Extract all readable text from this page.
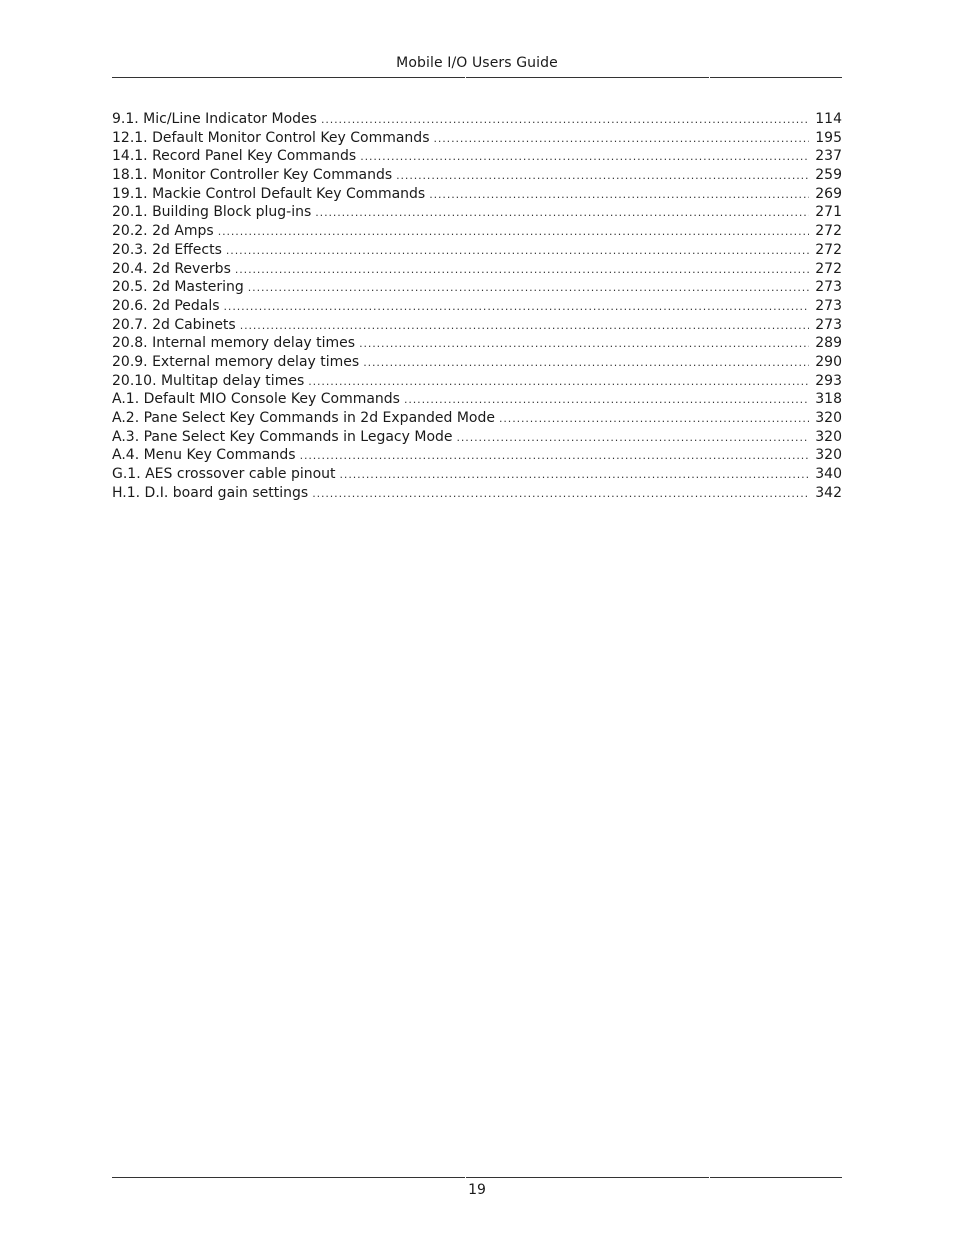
Mobile I/O Users Guide
9.1. Mic/Line Indicator Modes .....	114
12.1. Default Monitor Control Key Commands .....	195
14.1. Record Panel Key Commands .....	237
18.1. Monitor Controller Key Commands .....	259
19.1. Mackie Control Default Key Commands .....	269
20.1. Building Block plug-ins .....	271
20.2. 2d Amps .....	272
20.3. 2d Effects .....	272
20.4. 2d Reverbs .....	272
20.5. 2d Mastering .....	273
20.6. 2d Pedals .....	273
20.7. 2d Cabinets .....	273
20.8. Internal memory delay times .....	289
20.9. External memory delay times .....	290
20.10. Multitap delay times .....	293
A.1. Default MIO Console Key Commands .....	318
A.2. Pane Select Key Commands in 2d Expanded Mode .....	320
A.3. Pane Select Key Commands in Legacy Mode .....	320
A.4. Menu Key Commands .....	320
G.1. AES crossover cable pinout .....	340
H.1. D.I. board gain settings .....	342
19
